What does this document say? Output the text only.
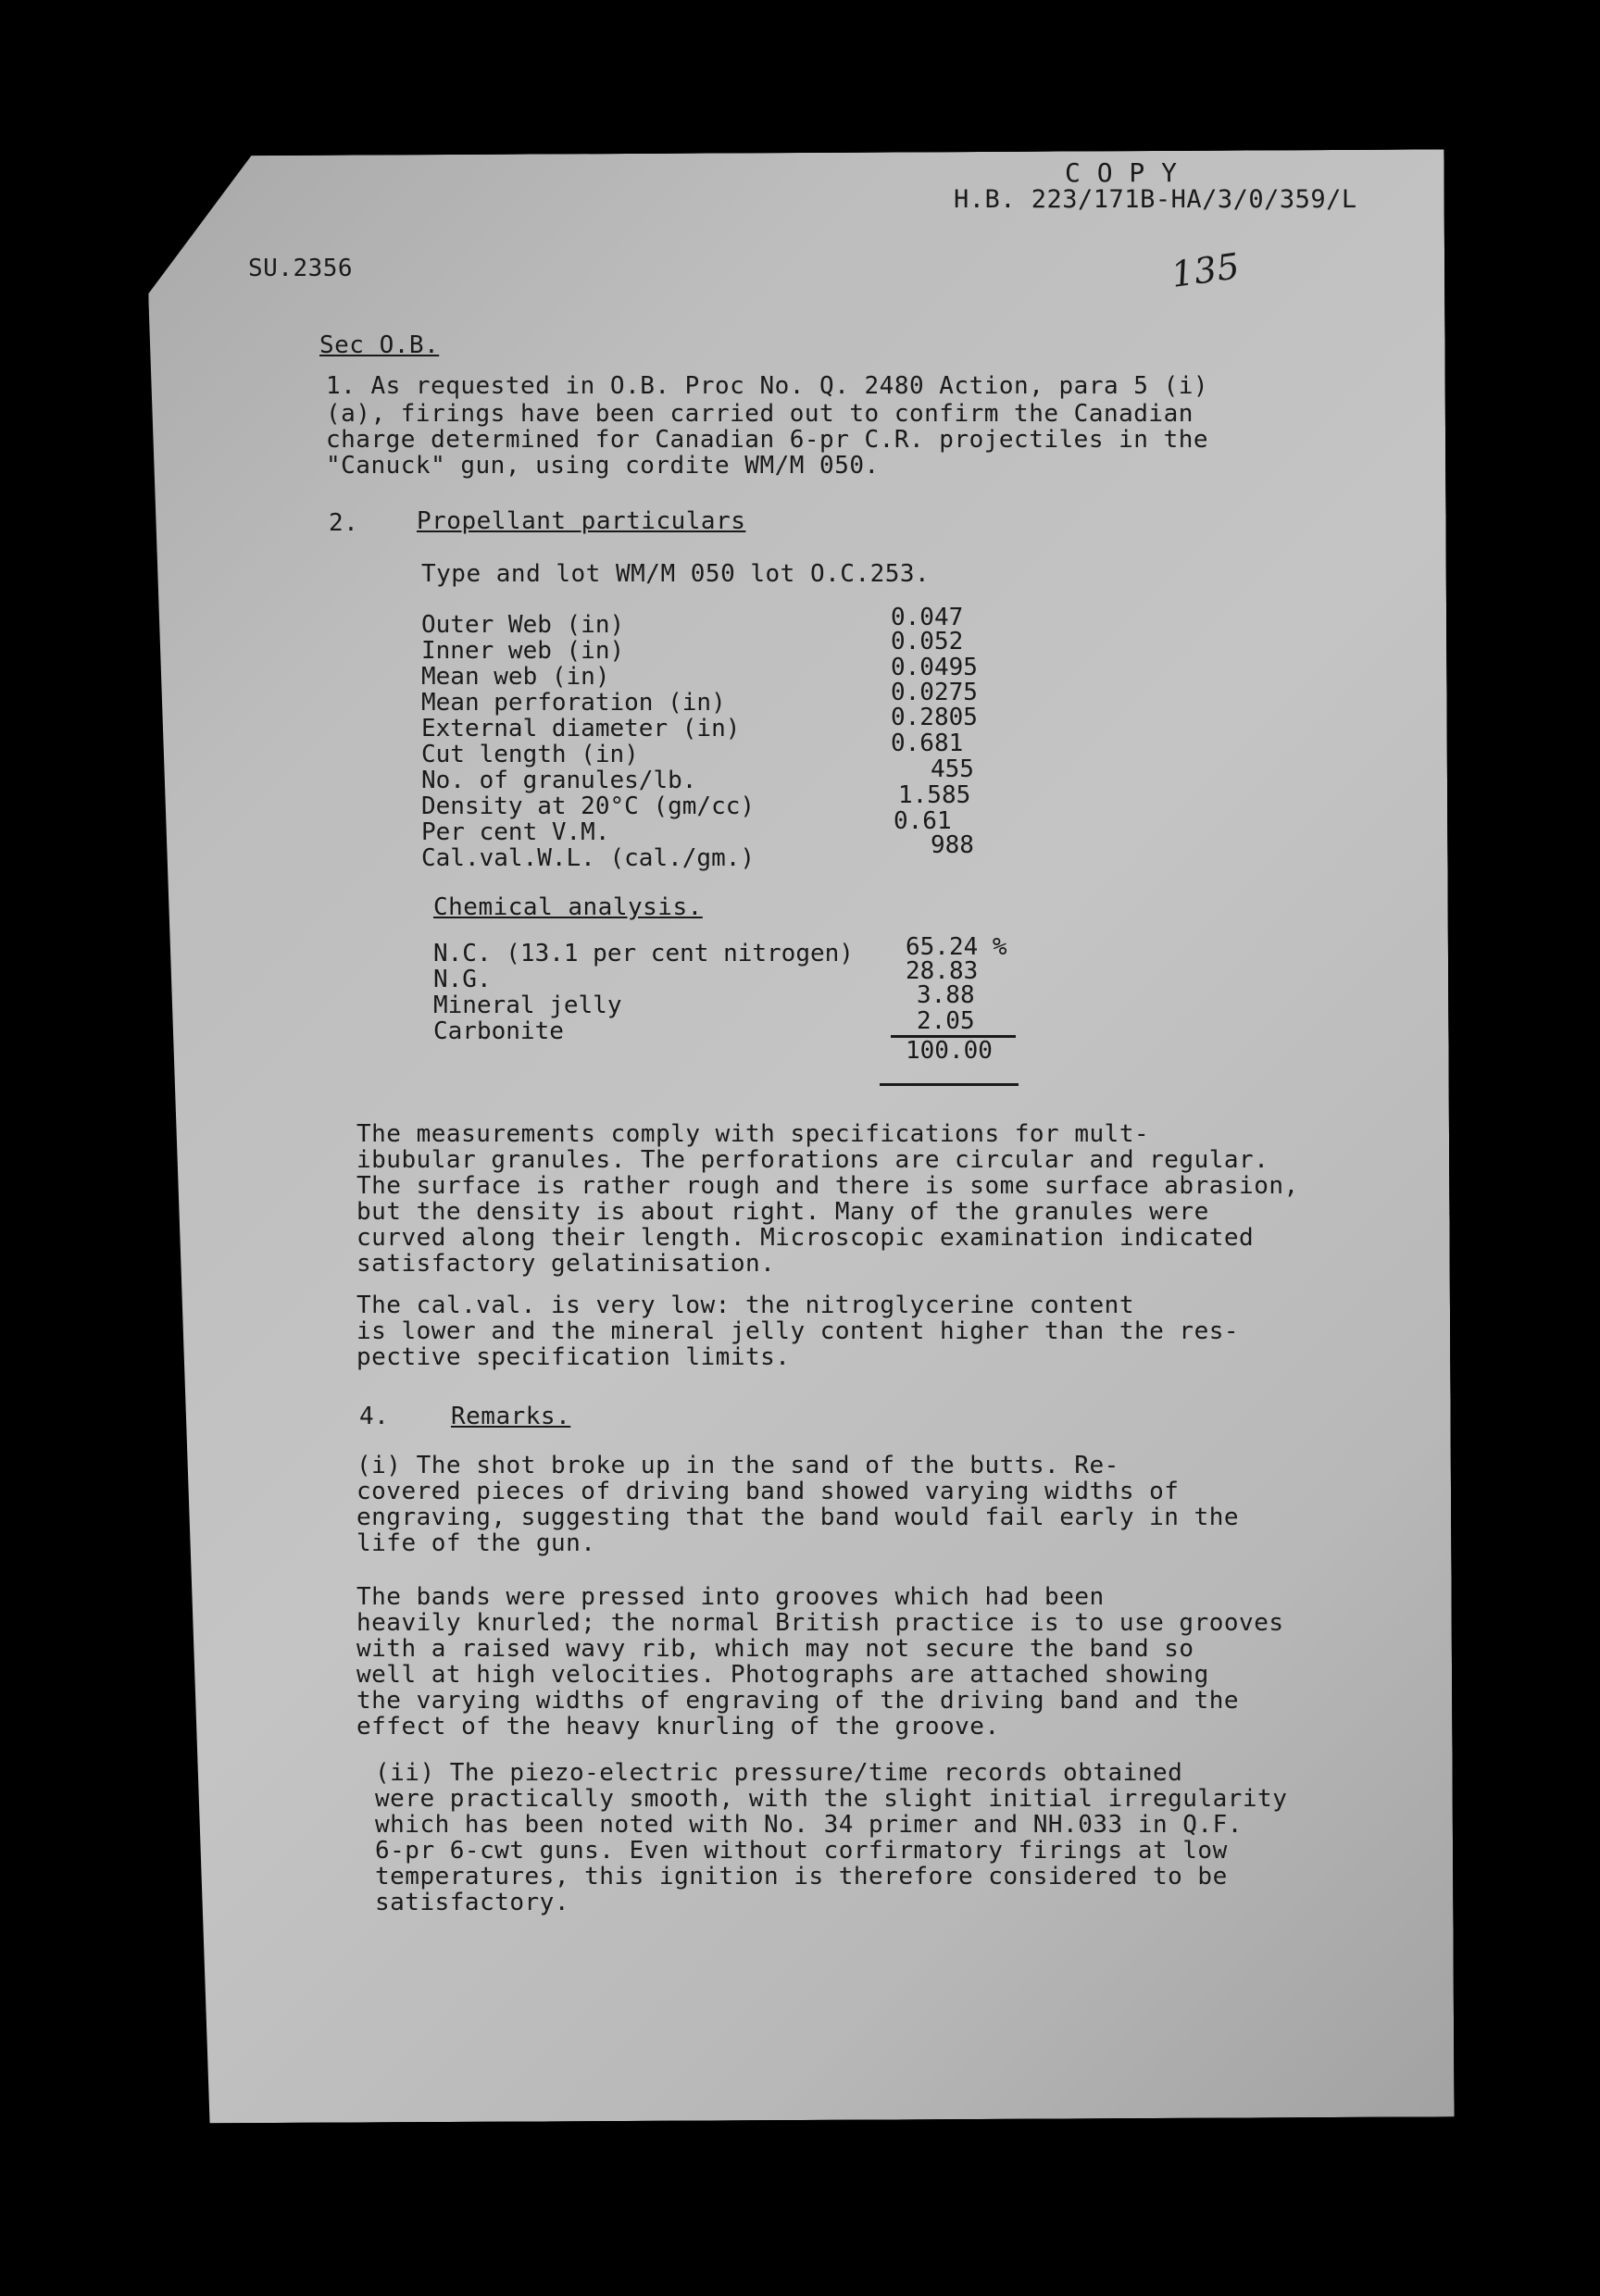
C O P Y
H.B. 223/171B-HA/3/0/359/L
SU.2356	135
Sec O.B.
1. As requested in O.B. Proc No. Q. 2480 Action, para 5 (i)
(a), firings have been carried out to confirm the Canadian
charge determined for Canadian 6-pr C.R. projectiles in the
"Canuck" gun, using cordite WM/M 050.
2. Propellant particulars
Type and lot WM/M 050 lot O.C.253.
Outer Web (in)	0.047
Inner web (in)	0.052
Mean web (in)	0.0495
Mean perforation (in)	0.0275
External diameter (in)	0.2805
Cut length (in)	0.681
No. of granules/lb.	455
Density at 20°C (gm/cc)	1.585
Per cent V.M.	0.61
Cal.val.W.L. (cal./gm.)	988
Chemical analysis.
N.C. (13.1 per cent nitrogen) 65.24 %
N.G.	28.83
Mineral jelly	3.88
Carbonite	2.05
100.00
The measurements comply with specifications for mult-
ibubular granules. The perforations are circular and regular.
The surface is rather rough and there is some surface abrasion,
but the density is about right. Many of the granules were
curved along their length. Microscopic examination indicated
satisfactory gelatinisation.
The cal.val. is very low: the nitroglycerine content
is lower and the mineral jelly content higher than the res-
pective specification limits.
4.	Remarks.
(i) The shot broke up in the sand of the butts. Re-
covered pieces of driving band showed varying widths of
engraving, suggesting that the band would fail early in the
life of the gun.
The bands were pressed into grooves which had been
heavily knurled; the normal British practice is to use grooves
with a raised wavy rib, which may not secure the band so
well at high velocities. Photographs are attached showing
the varying widths of engraving of the driving band and the
effect of the heavy knurling of the groove.
(ii) The piezo-electric pressure/time records obtained
were practically smooth, with the slight initial irregularity
which has been noted with No. 34 primer and NH.033 in Q.F.
6-pr 6-cwt guns. Even without corfirmatory firings at low
temperatures, this ignition is therefore considered to be
satisfactory.
